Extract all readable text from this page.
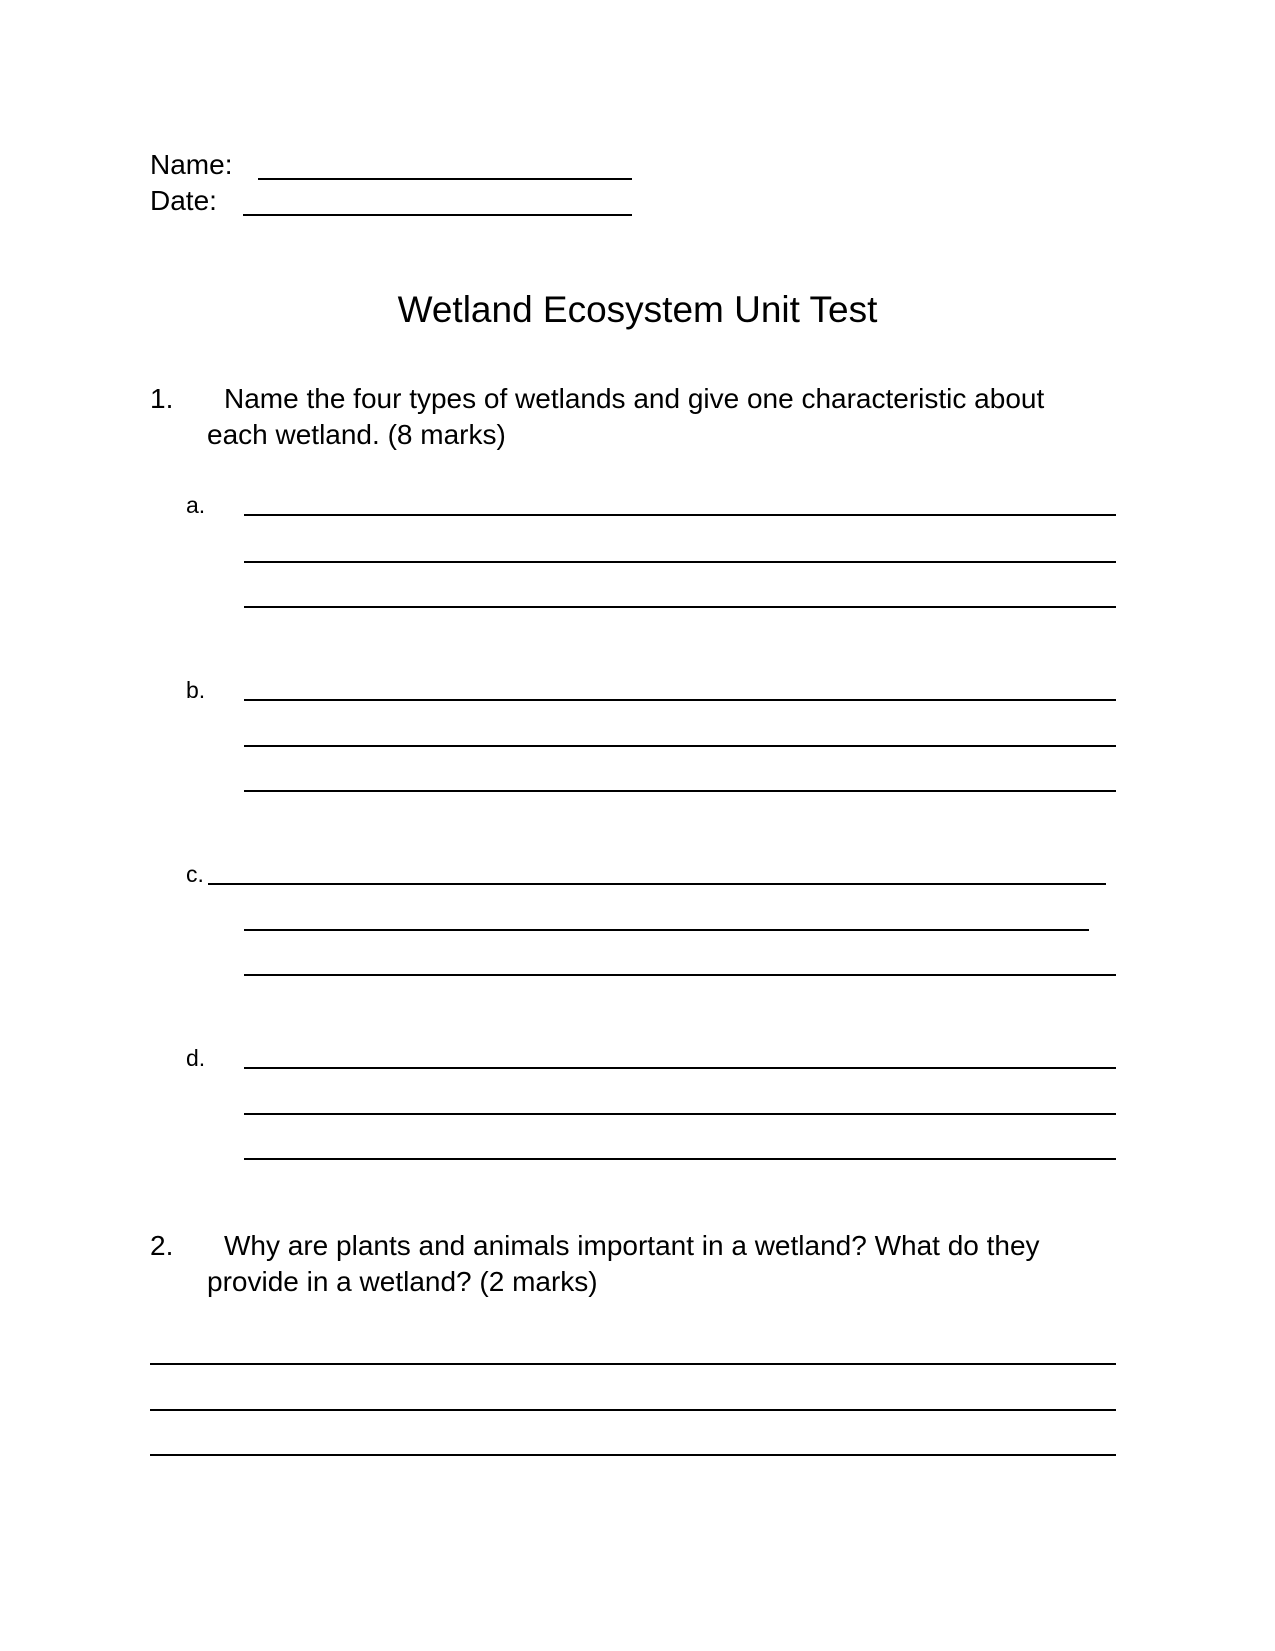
Name:
Date:
Wetland Ecosystem Unit Test
1. Name the four types of wetlands and give one characteristic about
each wetland. (8 marks)
a.
b.
c.
d.
2. Why are plants and animals important in a wetland? What do they
provide in a wetland? (2 marks)
